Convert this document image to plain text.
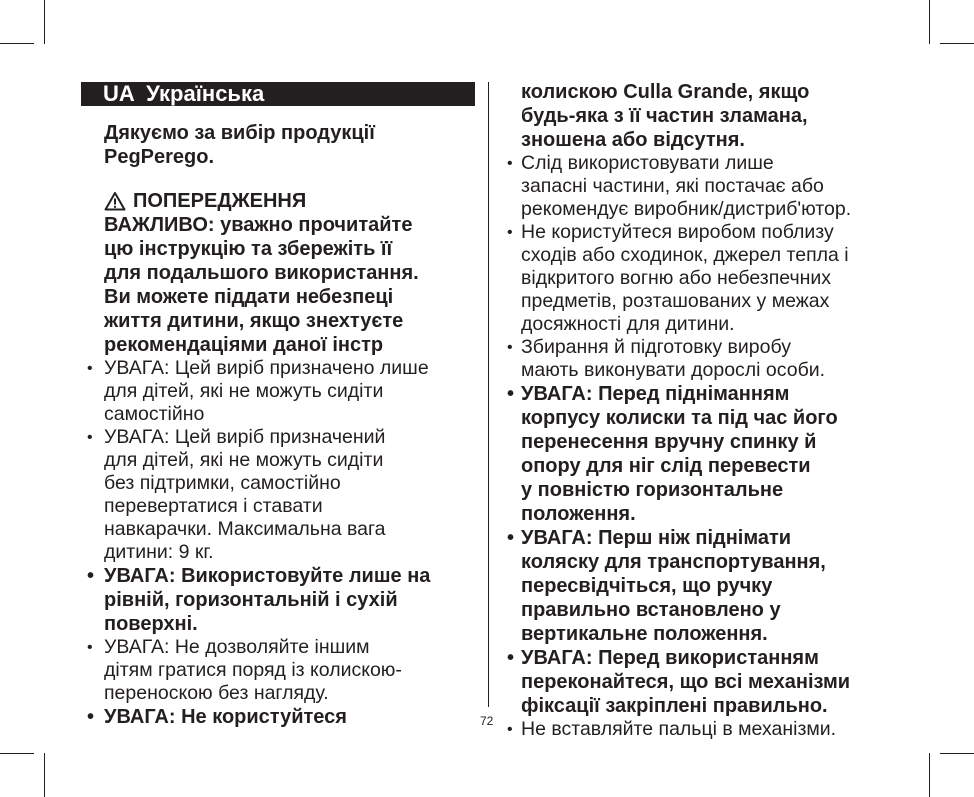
UA  Українська
72

Дякуємо за вибір продукції
PegPerego.

ПОПЕРЕДЖЕННЯ

ВАЖЛИВО: уважно прочитайте
цю інструкцію та збережіть її
для подальшого використання.
Ви можете піддати небезпеці
життя дитини, якщо знехтуєте
рекомендаціями даної інстр

• УВАГА: Цей виріб призначено лише
для дітей, які не можуть сидіти
самостійно
• УВАГА: Цей виріб призначений
для дітей, які не можуть сидіти
без підтримки, самостійно
перевертатися і ставати
навкарачки. Максимальна вага
дитини: 9 кг.
• УВАГА: Використовуйте лише на
рівній, горизонтальній і сухій
поверхні.
• УВАГА: Не дозволяйте іншим
дітям гратися поряд із колискою-
переноскою без нагляду.
• УВАГА: Не користуйтеся
колискою Culla Grande, якщо
будь-яка з її частин зламана,
зношена або відсутня.
• Слід використовувати лише
запасні частини, які постачає або
рекомендує виробник/дистриб'ютор.
• Не користуйтеся виробом поблизу
сходів або сходинок, джерел тепла і
відкритого вогню або небезпечних
предметів, розташованих у межах
досяжності для дитини.
• Збирання й підготовку виробу
мають виконувати дорослі особи.
• УВАГА: Перед підніманням
корпусу колиски та під час його
перенесення вручну спинку й
опору для ніг слід перевести
у повністю горизонтальне
положення.
• УВАГА: Перш ніж піднімати
коляску для транспортування,
пересвідчіться, що ручку
правильно встановлено у
вертикальне положення.
• УВАГА: Перед використанням
переконайтеся, що всі механізми
фіксації закріплені правильно.
• Не вставляйте пальці в механізми.
